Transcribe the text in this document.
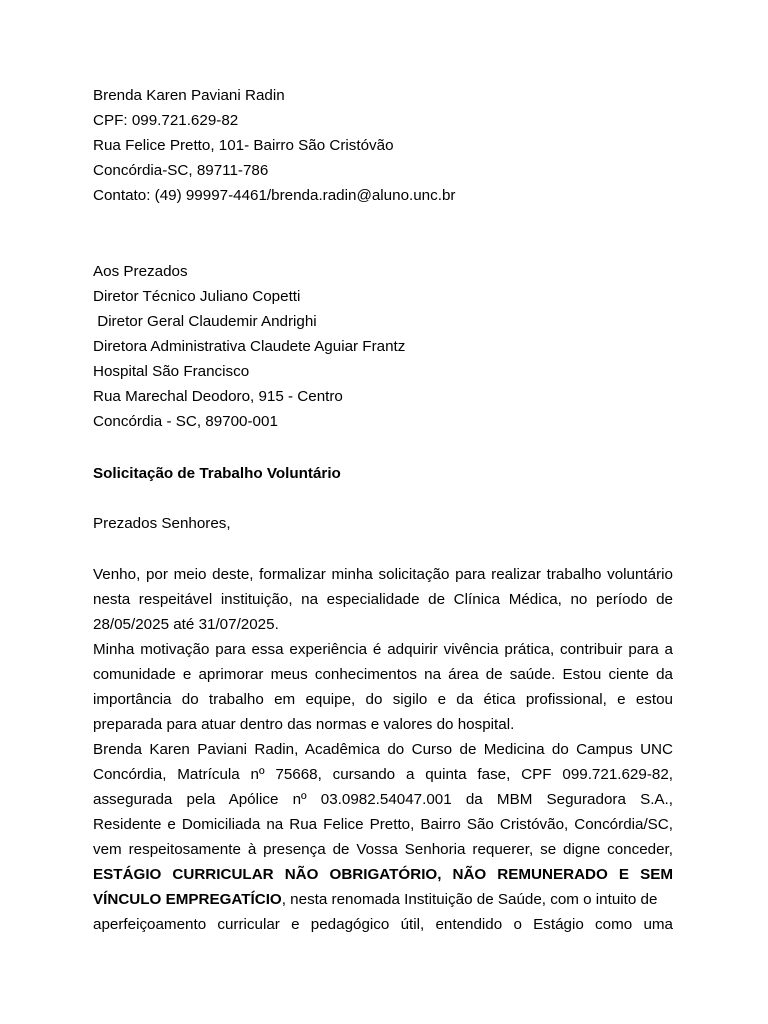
Brenda Karen Paviani Radin
CPF: 099.721.629-82
Rua Felice Pretto, 101- Bairro São Cristóvão
Concórdia-SC, 89711-786
Contato: (49) 99997-4461/brenda.radin@aluno.unc.br
Aos Prezados
Diretor Técnico Juliano Copetti
Diretor Geral Claudemir Andrighi
Diretora Administrativa Claudete Aguiar Frantz
Hospital São Francisco
Rua Marechal Deodoro, 915 - Centro
Concórdia - SC, 89700-001
Solicitação de Trabalho Voluntário
Prezados Senhores,
Venho, por meio deste, formalizar minha solicitação para realizar trabalho voluntário
nesta respeitável instituição, na especialidade de Clínica Médica, no período de
28/05/2025 até 31/07/2025.
Minha motivação para essa experiência é adquirir vivência prática, contribuir para a
comunidade e aprimorar meus conhecimentos na área de saúde. Estou ciente da
importância do trabalho em equipe, do sigilo e da ética profissional, e estou
preparada para atuar dentro das normas e valores do hospital.
Brenda Karen Paviani Radin, Acadêmica do Curso de Medicina do Campus UNC
Concórdia, Matrícula nº 75668, cursando a quinta fase, CPF 099.721.629-82,
assegurada pela Apólice nº 03.0982.54047.001 da MBM Seguradora S.A.,
Residente e Domiciliada na Rua Felice Pretto, Bairro São Cristóvão, Concórdia/SC,
vem respeitosamente à presença de Vossa Senhoria requerer, se digne conceder,
ESTÁGIO CURRICULAR NÃO OBRIGATÓRIO, NÃO REMUNERADO E SEM
VÍNCULO EMPREGATÍCIO, nesta renomada Instituição de Saúde, com o intuito de
aperfeiçoamento curricular e pedagógico útil, entendido o Estágio como uma
